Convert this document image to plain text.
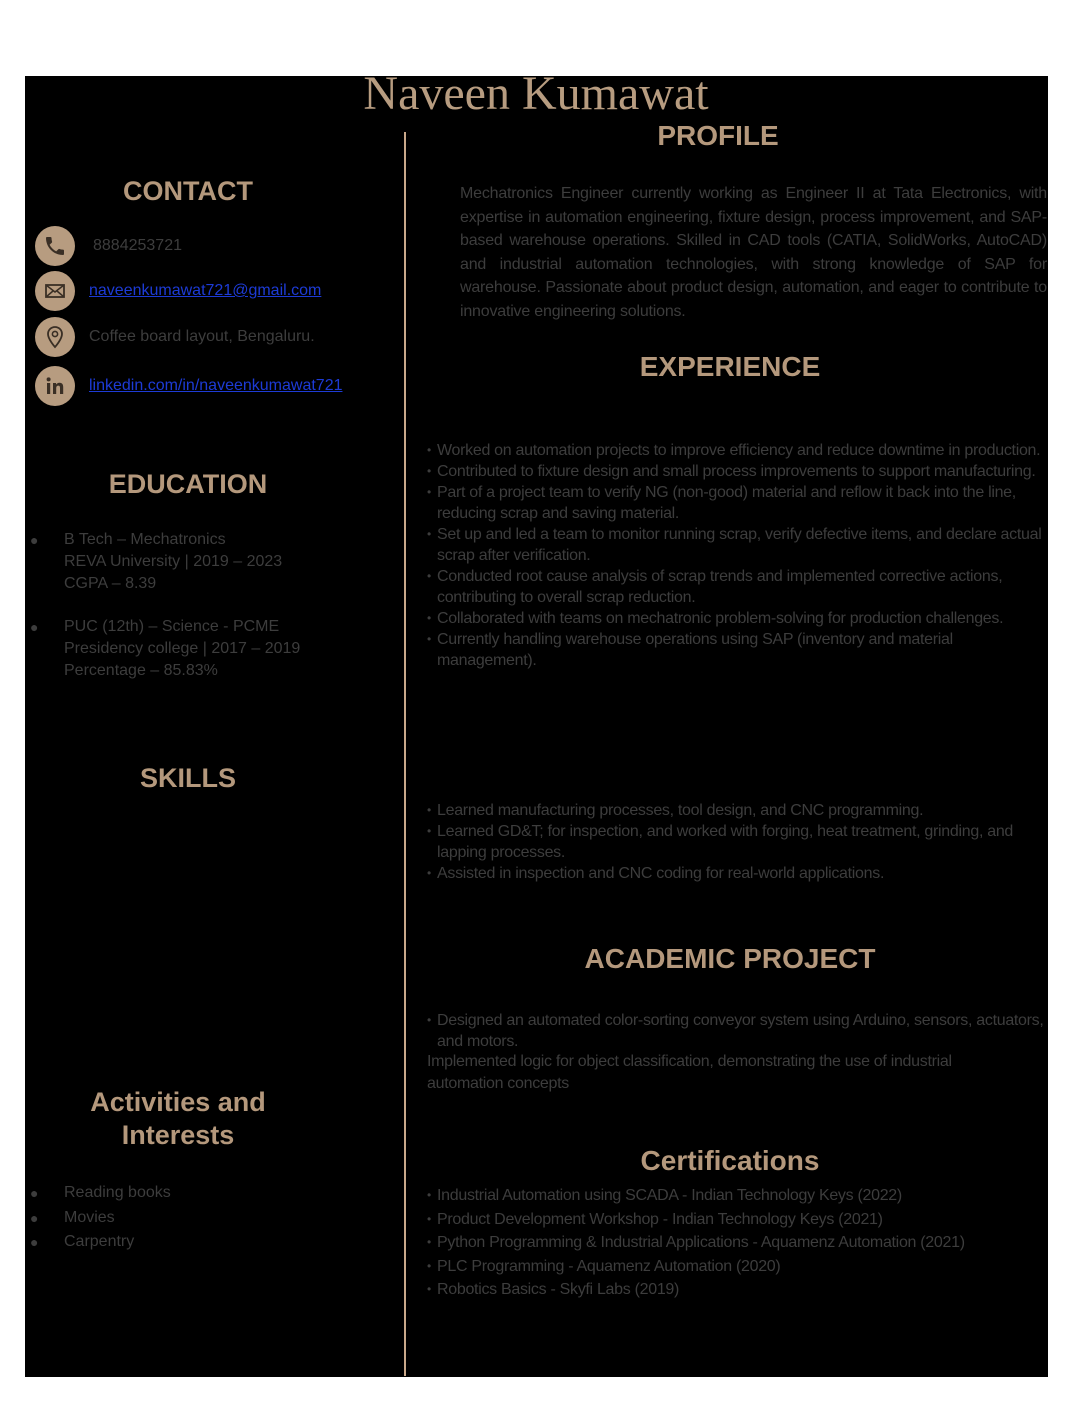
Naveen Kumawat
CONTACT
8884253721
naveenkumawat721@gmail.com
Coffee board layout, Bengaluru.
linkedin.com/in/naveenkumawat721
EDUCATION
● B Tech – Mechatronics
REVA University | 2019 – 2023
CGPA – 8.39
● PUC (12th) – Science - PCME
Presidency college | 2017 – 2019
Percentage – 85.83%
SKILLS
Activities and
Interests
● Reading books
● Movies
● Carpentry
PROFILE
Mechatronics Engineer currently working as Engineer II at Tata Electronics, with expertise in automation engineering, fixture design, process improvement, and SAP-based warehouse operations. Skilled in CAD tools (CATIA, SolidWorks, AutoCAD) and industrial automation technologies, with strong knowledge of SAP for warehouse. Passionate about product design, automation, and eager to contribute to innovative engineering solutions.
EXPERIENCE
• Worked on automation projects to improve efficiency and reduce downtime in production.
• Contributed to fixture design and small process improvements to support manufacturing.
• Part of a project team to verify NG (non-good) material and reflow it back into the line, reducing scrap and saving material.
• Set up and led a team to monitor running scrap, verify defective items, and declare actual scrap after verification.
• Conducted root cause analysis of scrap trends and implemented corrective actions, contributing to overall scrap reduction.
• Collaborated with teams on mechatronic problem-solving for production challenges.
• Currently handling warehouse operations using SAP (inventory and material management).
• Learned manufacturing processes, tool design, and CNC programming.
• Learned GD&T; for inspection, and worked with forging, heat treatment, grinding, and lapping processes.
• Assisted in inspection and CNC coding for real-world applications.
ACADEMIC PROJECT
• Designed an automated color-sorting conveyor system using Arduino, sensors, actuators, and motors.
Implemented logic for object classification, demonstrating the use of industrial automation concepts
Certifications
• Industrial Automation using SCADA - Indian Technology Keys (2022)
• Product Development Workshop - Indian Technology Keys (2021)
• Python Programming & Industrial Applications - Aquamenz Automation (2021)
• PLC Programming - Aquamenz Automation (2020)
• Robotics Basics - Skyfi Labs (2019)
